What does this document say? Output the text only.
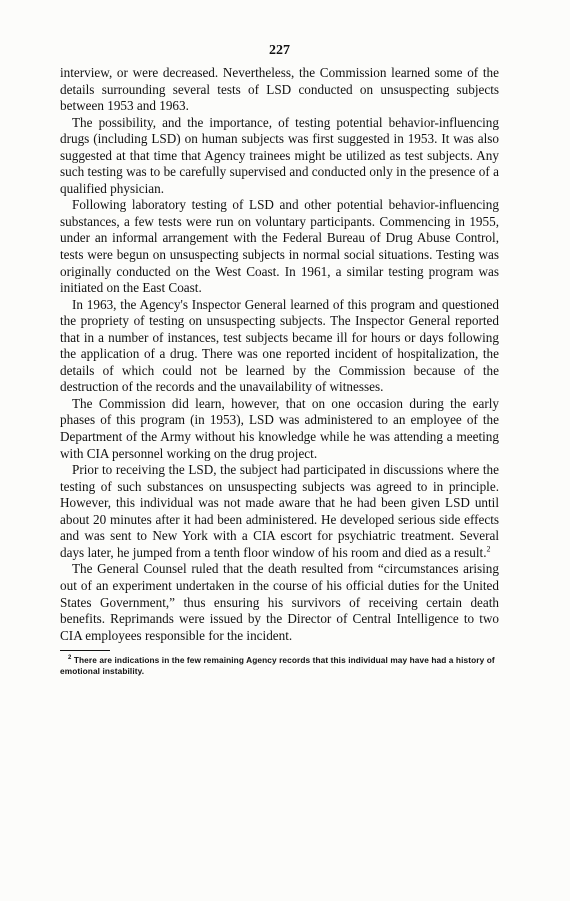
227

interview, or were decreased. Nevertheless, the Commission learned some of the details surrounding several tests of LSD conducted on unsuspecting subjects between 1953 and 1963.

The possibility, and the importance, of testing potential behavior-influencing drugs (including LSD) on human subjects was first suggested in 1953. It was also suggested at that time that Agency trainees might be utilized as test subjects. Any such testing was to be carefully supervised and conducted only in the presence of a qualified physician.

Following laboratory testing of LSD and other potential behavior-influencing substances, a few tests were run on voluntary participants. Commencing in 1955, under an informal arrangement with the Federal Bureau of Drug Abuse Control, tests were begun on unsuspecting subjects in normal social situations. Testing was originally conducted on the West Coast. In 1961, a similar testing program was initiated on the East Coast.

In 1963, the Agency's Inspector General learned of this program and questioned the propriety of testing on unsuspecting subjects. The Inspector General reported that in a number of instances, test subjects became ill for hours or days following the application of a drug. There was one reported incident of hospitalization, the details of which could not be learned by the Commission because of the destruction of the records and the unavailability of witnesses.

The Commission did learn, however, that on one occasion during the early phases of this program (in 1953), LSD was administered to an employee of the Department of the Army without his knowledge while he was attending a meeting with CIA personnel working on the drug project.

Prior to receiving the LSD, the subject had participated in discussions where the testing of such substances on unsuspecting subjects was agreed to in principle. However, this individual was not made aware that he had been given LSD until about 20 minutes after it had been administered. He developed serious side effects and was sent to New York with a CIA escort for psychiatric treatment. Several days later, he jumped from a tenth floor window of his room and died as a result.$^2$

The General Counsel ruled that the death resulted from “circumstances arising out of an experiment undertaken in the course of his official duties for the United States Government,” thus ensuring his survivors of receiving certain death benefits. Reprimands were issued by the Director of Central Intelligence to two CIA employees responsible for the incident.

$^2$ There are indications in the few remaining Agency records that this individual may have had a history of emotional instability.
